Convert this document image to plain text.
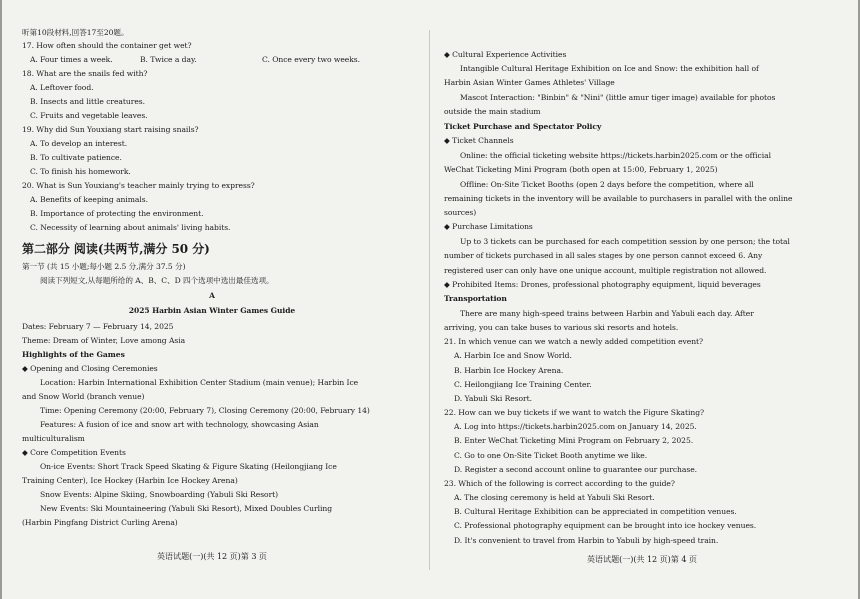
听第10段材料,回答17至20题。
17. How often should the container get wet?
A. Four times a week.	B. Twice a day.	C. Once every two weeks.
18. What are the snails fed with?
A. Leftover food.
B. Insects and little creatures.
C. Fruits and vegetable leaves.
19. Why did Sun Youxiang start raising snails?
A. To develop an interest.
B. To cultivate patience.
C. To finish his homework.
20. What is Sun Youxiang's teacher mainly trying to express?
A. Benefits of keeping animals.
B. Importance of protecting the environment.
C. Necessity of learning about animals' living habits.
第二部分 阅读(共两节,满分 50 分)
第一节 (共 15 小题;每小题 2.5 分,满分 37.5 分)
阅读下列短文,从每题所给的 A、B、C、D 四个选项中选出最佳选项。
A
2025 Harbin Asian Winter Games Guide
Dates: February 7 — February 14, 2025
Theme: Dream of Winter, Love among Asia
Highlights of the Games
◆ Opening and Closing Ceremonies
Location: Harbin International Exhibition Center Stadium (main venue); Harbin Ice
and Snow World (branch venue)
Time: Opening Ceremony (20:00, February 7), Closing Ceremony (20:00, February 14)
Features: A fusion of ice and snow art with technology, showcasing Asian
multiculturalism
◆ Core Competition Events
On-ice Events: Short Track Speed Skating & Figure Skating (Heilongjiang Ice
Training Center), Ice Hockey (Harbin Ice Hockey Arena)
Snow Events: Alpine Skiing, Snowboarding (Yabuli Ski Resort)
New Events: Ski Mountaineering (Yabuli Ski Resort), Mixed Doubles Curling
(Harbin Pingfang District Curling Arena)
英语试题(一)(共 12 页)第 3 页
◆ Cultural Experience Activities
Intangible Cultural Heritage Exhibition on Ice and Snow: the exhibition hall of
Harbin Asian Winter Games Athletes' Village
Mascot Interaction: "Binbin" & "Nini" (little amur tiger image) available for photos
outside the main stadium
Ticket Purchase and Spectator Policy
◆ Ticket Channels
Online: the official ticketing website https://tickets.harbin2025.com or the official
WeChat Ticketing Mini Program (both open at 15:00, February 1, 2025)
Offline: On-Site Ticket Booths (open 2 days before the competition, where all
remaining tickets in the inventory will be available to purchasers in parallel with the online
sources)
◆ Purchase Limitations
Up to 3 tickets can be purchased for each competition session by one person; the total
number of tickets purchased in all sales stages by one person cannot exceed 6. Any
registered user can only have one unique account, multiple registration not allowed.
◆ Prohibited Items: Drones, professional photography equipment, liquid beverages
Transportation
There are many high-speed trains between Harbin and Yabuli each day. After
arriving, you can take buses to various ski resorts and hotels.
21. In which venue can we watch a newly added competition event?
A. Harbin Ice and Snow World.
B. Harbin Ice Hockey Arena.
C. Heilongjiang Ice Training Center.
D. Yabuli Ski Resort.
22. How can we buy tickets if we want to watch the Figure Skating?
A. Log into https://tickets.harbin2025.com on January 14, 2025.
B. Enter WeChat Ticketing Mini Program on February 2, 2025.
C. Go to one On-Site Ticket Booth anytime we like.
D. Register a second account online to guarantee our purchase.
23. Which of the following is correct according to the guide?
A. The closing ceremony is held at Yabuli Ski Resort.
B. Cultural Heritage Exhibition can be appreciated in competition venues.
C. Professional photography equipment can be brought into ice hockey venues.
D. It's convenient to travel from Harbin to Yabuli by high-speed train.
英语试题(一)(共 12 页)第 4 页
